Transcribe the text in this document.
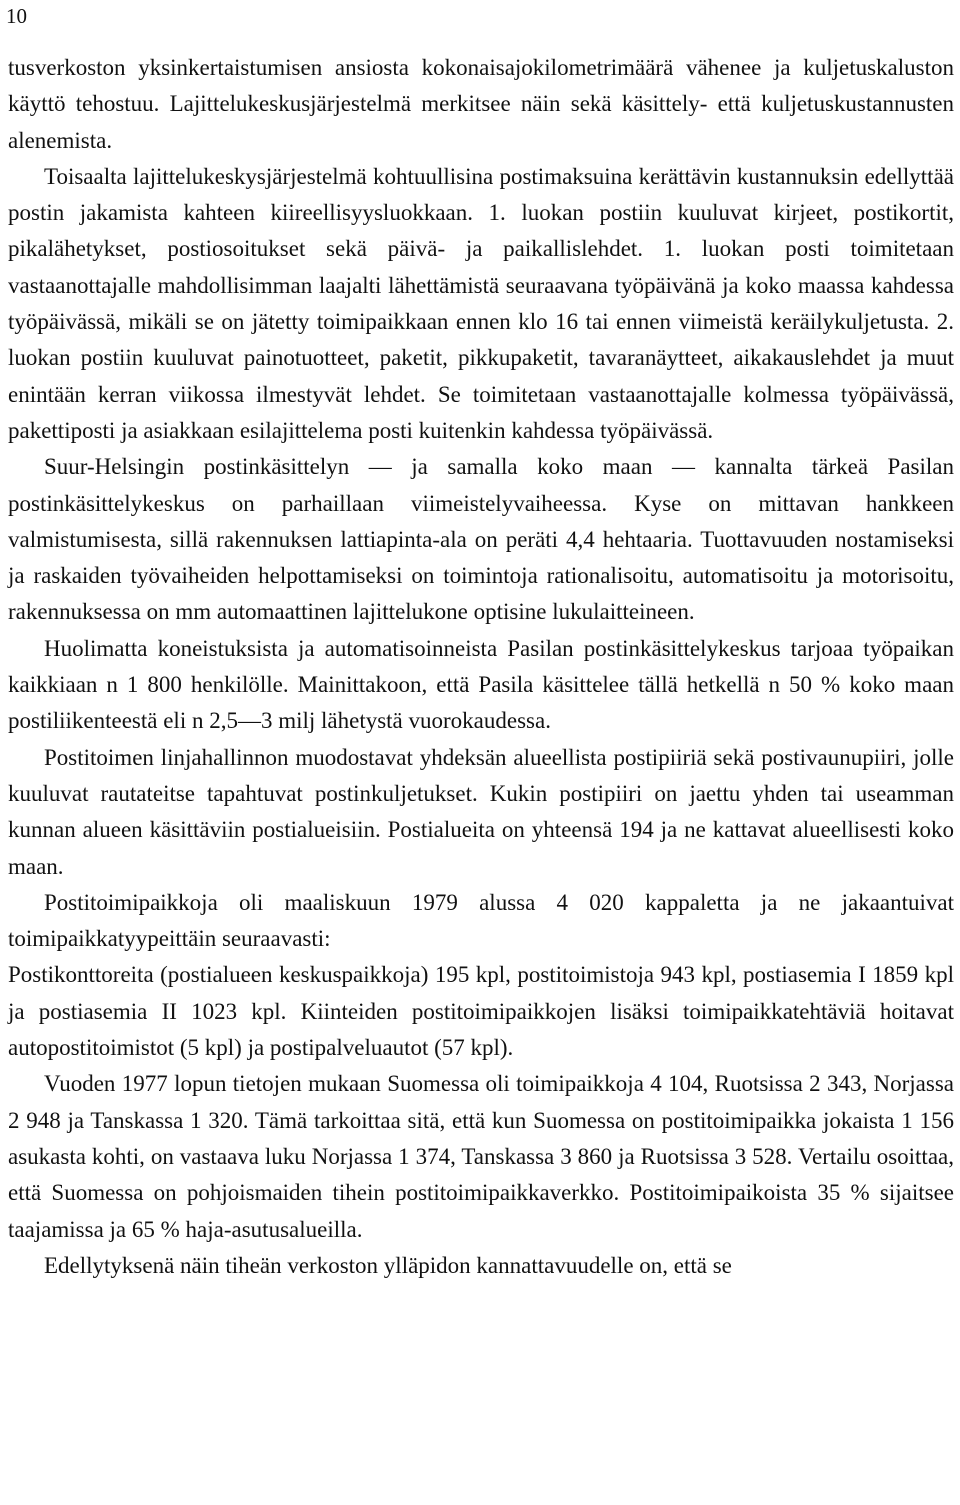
10

tusverkoston yksinkertaistumisen ansiosta kokonaisajokilometrimäärä vähenee ja kuljetuskaluston käyttö tehostuu. Lajittelukeskusjärjestelmä merkitsee näin sekä käsittely- että kuljetuskustannusten alenemista.

Toisaalta lajittelukeskysjärjestelmä kohtuullisina postimaksuina kerättävin kustannuksin edellyttää postin jakamista kahteen kiireellisyysluokkaan. 1. luokan postiin kuuluvat kirjeet, postikortit, pikalähetykset, postiosoitukset sekä päivä- ja paikallislehdet. 1. luokan posti toimitetaan vastaanottajalle mahdollisimman laajalti lähettämistä seuraavana työpäivänä ja koko maassa kahdessa työpäivässä, mikäli se on jätetty toimipaikkaan ennen klo 16 tai ennen viimeistä keräilykuljetusta. 2. luokan postiin kuuluvat painotuotteet, paketit, pikkupaketit, tavaranäytteet, aikakauslehdet ja muut enintään kerran viikossa ilmestyvät lehdet. Se toimitetaan vastaanottajalle kolmessa työpäivässä, pakettiposti ja asiakkaan esilajittelema posti kuitenkin kahdessa työpäivässä.

Suur-Helsingin postinkäsittelyn — ja samalla koko maan — kannalta tärkeä Pasilan postinkäsittelykeskus on parhaillaan viimeistelyvaiheessa. Kyse on mittavan hankkeen valmistumisesta, sillä rakennuksen lattiapinta-ala on peräti 4,4 hehtaaria. Tuottavuuden nostamiseksi ja raskaiden työvaiheiden helpottamiseksi on toimintoja rationalisoitu, automatisoitu ja motorisoitu, rakennuksessa on mm automaattinen lajittelukone optisine lukulaitteineen.

Huolimatta koneistuksista ja automatisoinneista Pasilan postinkäsittelykeskus tarjoaa työpaikan kaikkiaan n 1 800 henkilölle. Mainittakoon, että Pasila käsittelee tällä hetkellä n 50 % koko maan postiliikenteestä eli n 2,5—3 milj lähetystä vuorokaudessa.

Postitoimen linjahallinnon muodostavat yhdeksän alueellista postipiiriä sekä postivaunupiiri, jolle kuuluvat rautateitse tapahtuvat postinkuljetukset. Kukin postipiiri on jaettu yhden tai useamman kunnan alueen käsittäviin postialueisiin. Postialueita on yhteensä 194 ja ne kattavat alueellisesti koko maan.

Postitoimipaikkoja oli maaliskuun 1979 alussa 4 020 kappaletta ja ne jakaantuivat toimipaikkatyypeittäin seuraavasti:

Postikonttoreita (postialueen keskuspaikkoja) 195 kpl, postitoimistoja 943 kpl, postiasemia I 1859 kpl ja postiasemia II 1023 kpl. Kiinteiden postitoimipaikkojen lisäksi toimipaikkatehtäviä hoitavat autopostitoimistot (5 kpl) ja postipalveluautot (57 kpl).

Vuoden 1977 lopun tietojen mukaan Suomessa oli toimipaikkoja 4 104, Ruotsissa 2 343, Norjassa 2 948 ja Tanskassa 1 320. Tämä tarkoittaa sitä, että kun Suomessa on postitoimipaikka jokaista 1 156 asukasta kohti, on vastaava luku Norjassa 1 374, Tanskassa 3 860 ja Ruotsissa 3 528. Vertailu osoittaa, että Suomessa on pohjoismaiden tihein postitoimipaikkaverkko. Postitoimipaikoista 35 % sijaitsee taajamissa ja 65 % haja-asutusalueilla.

Edellytyksenä näin tiheän verkoston ylläpidon kannattavuudelle on, että se
